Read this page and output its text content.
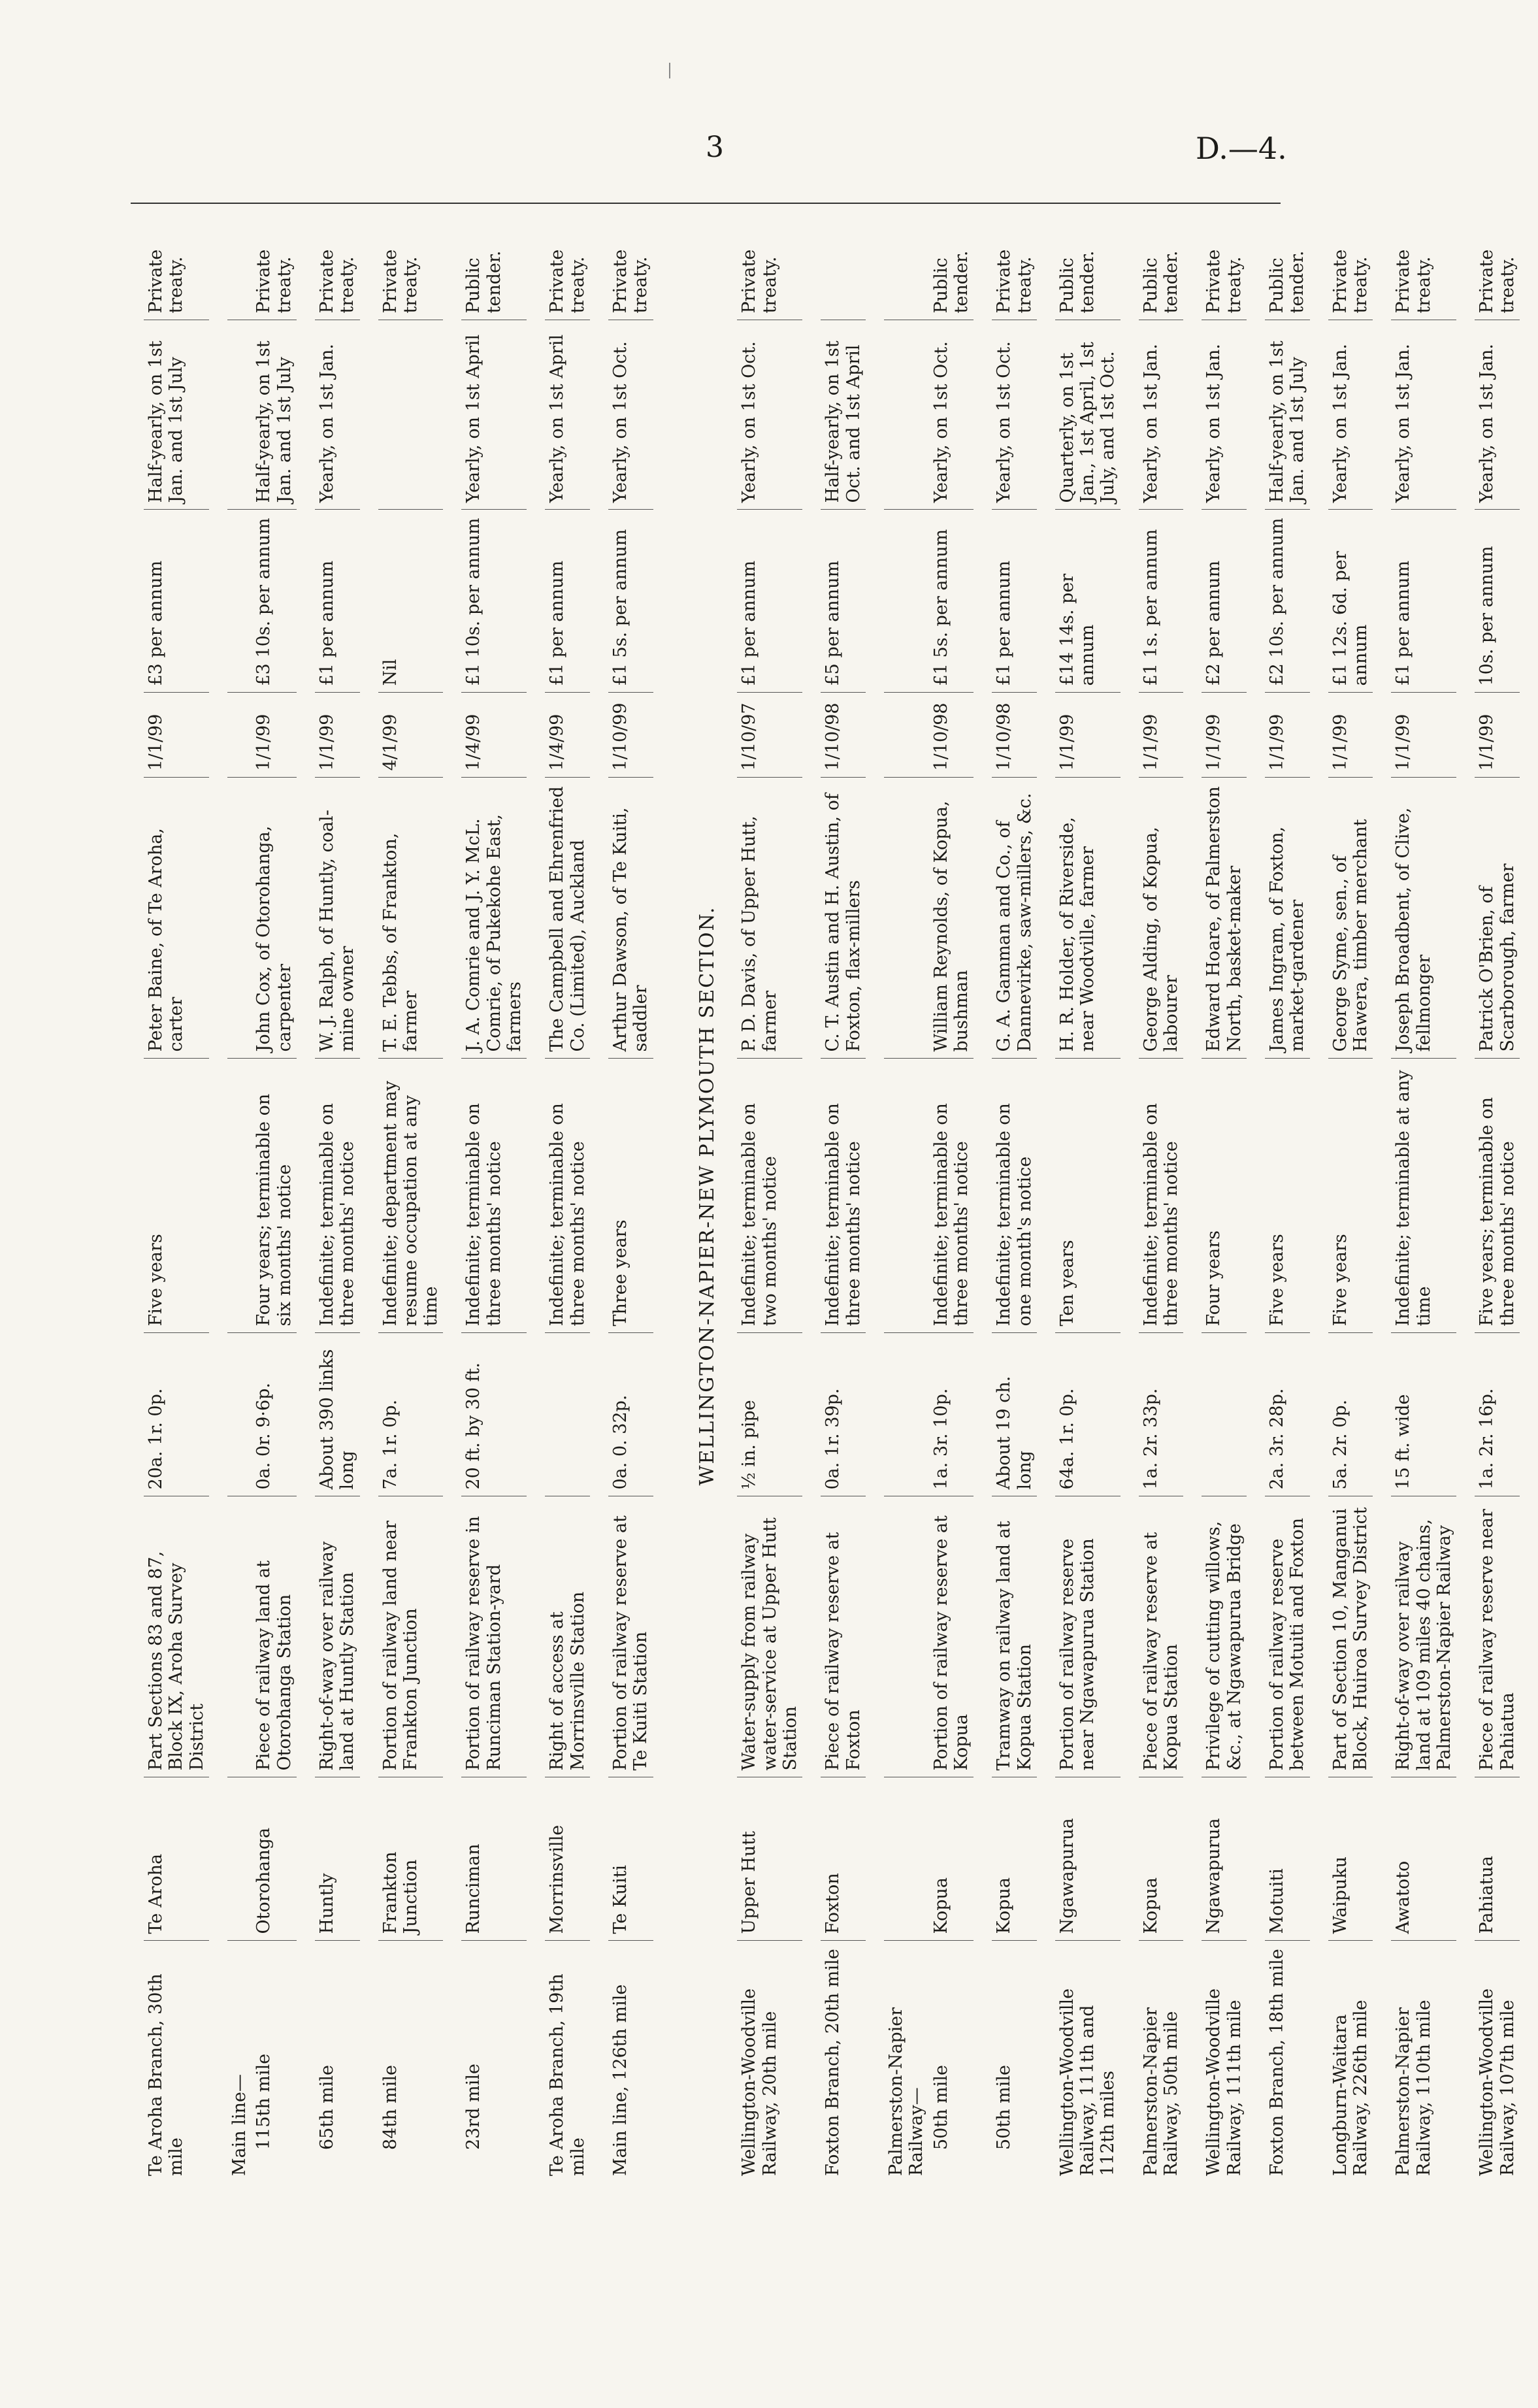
3	D.—4.
Te Aroha Branch, 30th mile	Te Aroha	Part Sections 83 and 87, Block IX, Aroha Survey District	20a. 1r. 0p.	Five years	Peter Baine, of Te Aroha, carter	1/1/99	£3 per annum	Half-yearly, on 1st Jan. and 1st July	Private treaty.

Main line—									
115th mile	Otorohanga	Piece of railway land at Otorohanga Station	0a. 0r. 9·6p.	Four years; terminable on six months' notice	John Cox, of Otorohanga, carpenter	1/1/99	£3 10s. per annum	Half-yearly, on 1st Jan. and 1st July	Private treaty.

65th mile	Huntly	Right-of-way over railway land at Huntly Station	About 390 links long	Indefinite; terminable on three months' notice	W. J. Ralph, of Huntly, coal-mine owner	1/1/99	£1 per annum	Yearly, on 1st Jan.	Private treaty.

84th mile	Frankton Junction	Portion of railway land near Frankton Junction	7a. 1r. 0p.	Indefinite; department may resume occupation at any time	T. E. Tebbs, of Frankton, farmer	4/1/99	Nil		Private treaty.

23rd mile	Runciman	Portion of railway reserve in Runciman Station-yard	20 ft. by 30 ft.	Indefinite; terminable on three months' notice	J. A. Comrie and J. Y. McL. Comrie, of Pukekohe East, farmers	1/4/99	£1 10s. per annum	Yearly, on 1st April	Public tender.

Te Aroha Branch, 19th mile	Morrinsville	Right of access at Morrinsville Station		Indefinite; terminable on three months' notice	The Campbell and Ehrenfried Co. (Limited), Auckland	1/4/99	£1 per annum	Yearly, on 1st April	Private treaty.

Main line, 126th mile	Te Kuiti	Portion of railway reserve at Te Kuiti Station	0a. 0. 32p.	Three years	Arthur Dawson, of Te Kuiti, saddler	1/10/99	£1 5s. per annum	Yearly, on 1st Oct.	Private treaty.

WELLINGTON-NAPIER-NEW PLYMOUTH SECTION.									
Wellington-Woodville Railway, 20th mile	Upper Hutt	Water-supply from railway water-service at Upper Hutt Station	½ in. pipe	Indefinite; terminable on two months' notice	P. D. Davis, of Upper Hutt, farmer	1/10/97	£1 per annum	Yearly, on 1st Oct.	Private treaty.

Foxton Branch, 20th mile	Foxton	Piece of railway reserve at Foxton	0a. 1r. 39p.	Indefinite; terminable on three months' notice	C. T. Austin and H. Austin, of Foxton, flax-millers	1/10/98	£5 per annum	Half-yearly, on 1st Oct. and 1st April	

Palmerston-Napier Railway—									
50th mile	Kopua	Portion of railway reserve at Kopua	1a. 3r. 10p.	Indefinite; terminable on three months' notice	William Reynolds, of Kopua, bushman	1/10/98	£1 5s. per annum	Yearly, on 1st Oct.	Public tender.

50th mile	Kopua	Tramway on railway land at Kopua Station	About 19 ch. long	Indefinite; terminable on one month's notice	G. A. Gamman and Co., of Dannevirke, saw-millers, &c.	1/10/98	£1 per annum	Yearly, on 1st Oct.	Private treaty.

Wellington-Woodville Railway, 111th and 112th miles	Ngawapurua	Portion of railway reserve near Ngawapurua Station	64a. 1r. 0p.	Ten years	H. R. Holder, of Riverside, near Woodville, farmer	1/1/99	£14 14s. per annum	Quarterly, on 1st Jan., 1st April, 1st July, and 1st Oct.	Public tender.

Palmerston-Napier Railway, 50th mile	Kopua	Piece of railway reserve at Kopua Station	1a. 2r. 33p.	Indefinite; terminable on three months' notice	George Alding, of Kopua, labourer	1/1/99	£1 1s. per annum	Yearly, on 1st Jan.	Public tender.

Wellington-Woodville Railway, 111th mile	Ngawapurua	Privilege of cutting willows, &c., at Ngawapurua Bridge		Four years	Edward Hoare, of Palmerston North, basket-maker	1/1/99	£2 per annum	Yearly, on 1st Jan.	Private treaty.

Foxton Branch, 18th mile	Motuiti	Portion of railway reserve between Motuiti and Foxton	2a. 3r. 28p.	Five years	James Ingram, of Foxton, market-gardener	1/1/99	£2 10s. per annum	Half-yearly, on 1st Jan. and 1st July	Public tender.

Longburn-Waitara Railway, 226th mile	Waipuku	Part of Section 10, Manganui Block, Huiroa Survey District	5a. 2r. 0p.	Five years	George Syme, sen., of Hawera, timber merchant	1/1/99	£1 12s. 6d. per annum	Yearly, on 1st Jan.	Private treaty.

Palmerston-Napier Railway, 110th mile	Awatoto	Right-of-way over railway land at 109 miles 40 chains, Palmerston-Napier Railway	15 ft. wide	Indefinite; terminable at any time	Joseph Broadbent, of Clive, fellmonger	1/1/99	£1 per annum	Yearly, on 1st Jan.	Private treaty.

Wellington-Woodville Railway, 107th mile	Pahiatua	Piece of railway reserve near Pahiatua	1a. 2r. 16p.	Five years; terminable on three months' notice	Patrick O'Brien, of Scarborough, farmer	1/1/99	10s. per annum	Yearly, on 1st Jan.	Private treaty.
